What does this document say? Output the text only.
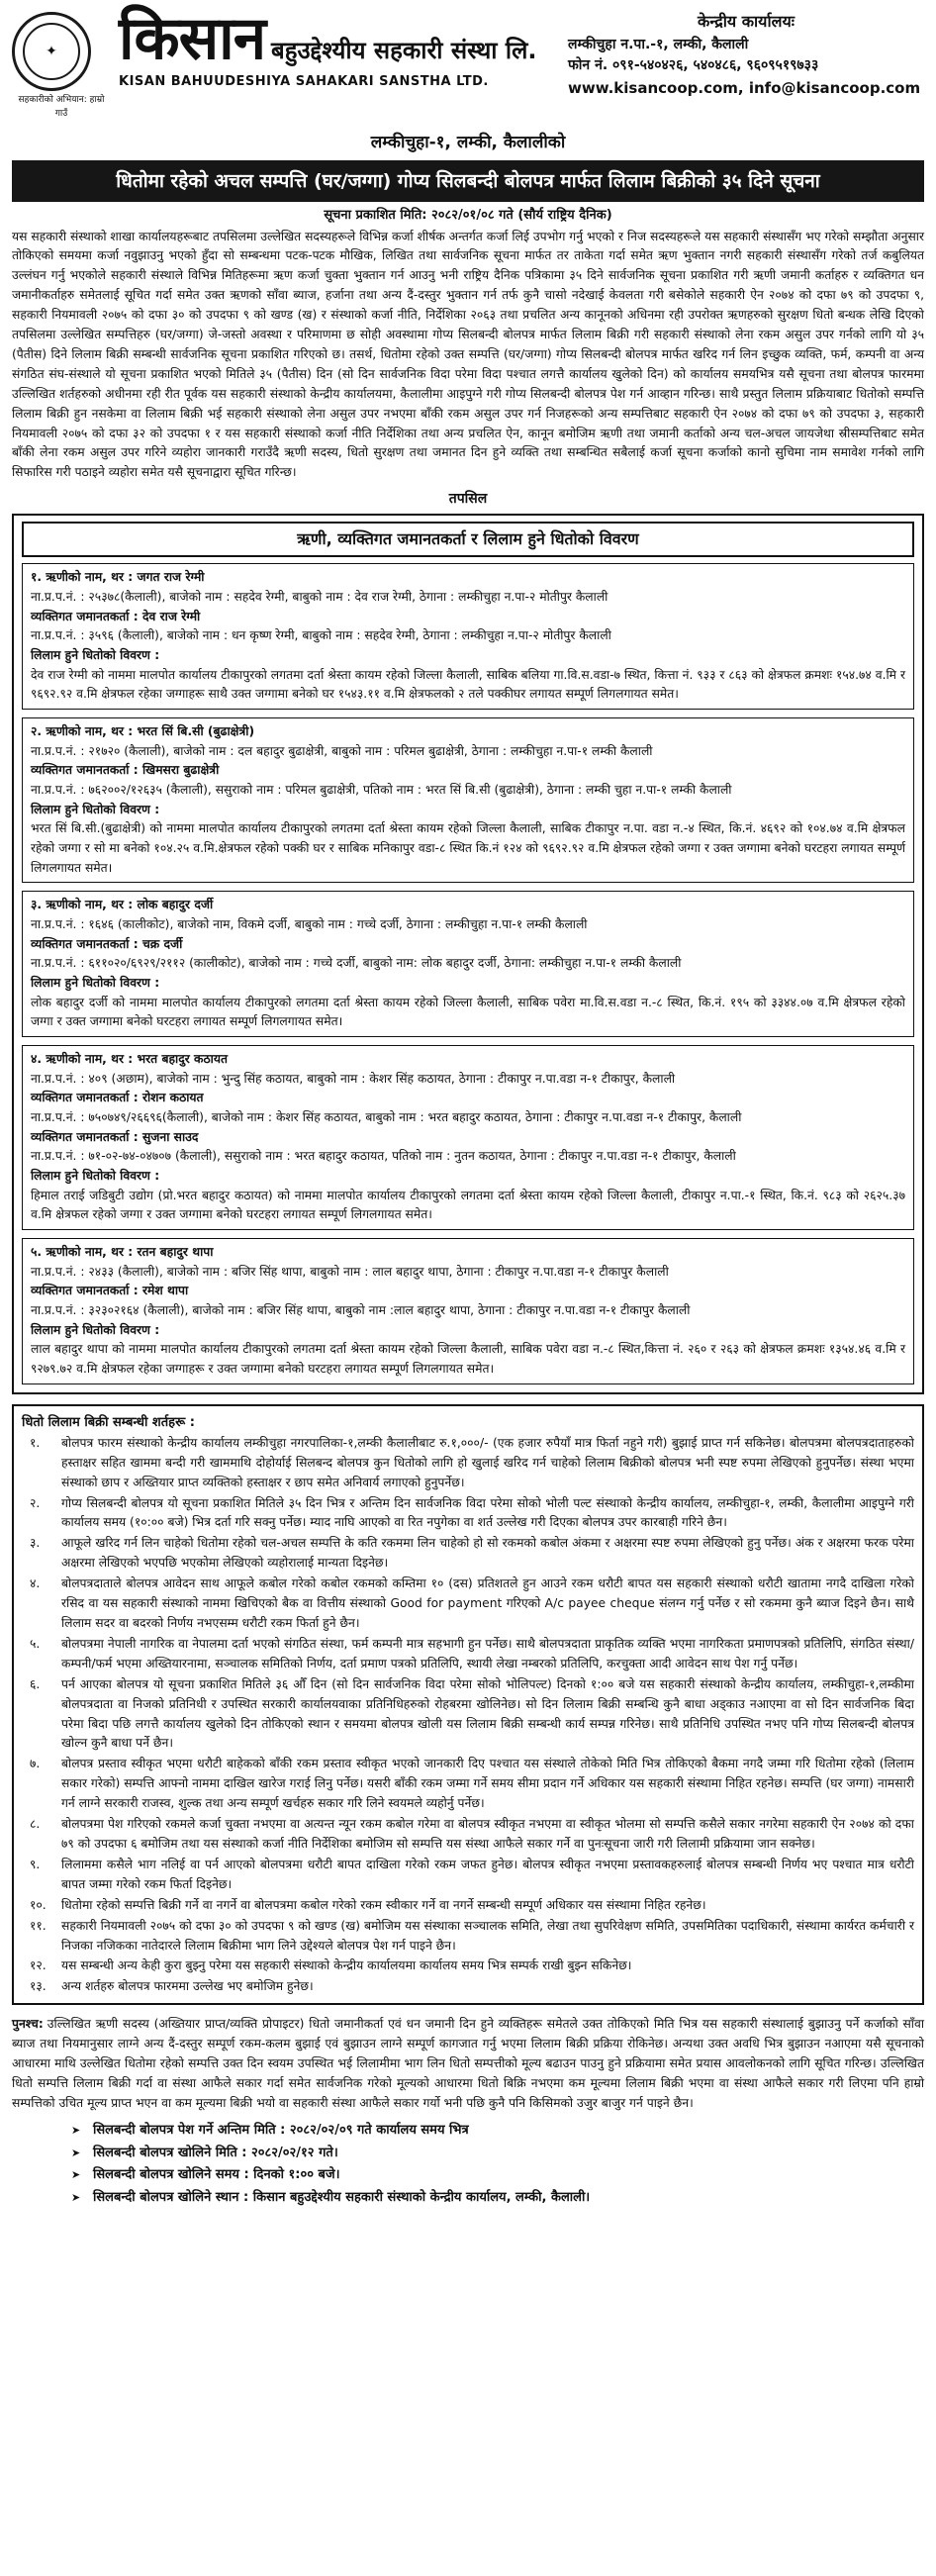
✦
सहकारीको अभियान: हाम्रो गाउँ
किसान बहुउद्देश्यीय सहकारी संस्था लि.
KISAN BAHUUDESHIYA SAHAKARI SANSTHA LTD.
केन्द्रीय कार्यालयः
लम्कीचुहा न.पा.-१, लम्की, कैलाली
फोन नं. ०९१-५४०४२६, ५४०४८६, ९६०९५१९७३३
www.kisancoop.com, info@kisancoop.com
लम्कीचुहा-१, लम्की, कैलालीको
धितोमा रहेको अचल सम्पत्ति (घर/जग्गा) गोप्य सिलबन्दी बोलपत्र मार्फत लिलाम बिक्रीको ३५ दिने सूचना
सूचना प्रकाशित मिति: २०८२/०१/०८ गते (सौर्य राष्ट्रिय दैनिक)
यस सहकारी संस्थाको शाखा कार्यालयहरूबाट तपसिलमा उल्लेखित सदस्यहरूले विभिन्न कर्जा शीर्षक अन्तर्गत कर्जा लिई उपभोग गर्नु भएको र निज सदस्यहरूले यस सहकारी संस्थासँग भए गरेको सम्झौता अनुसार तोकिएको समयमा कर्जा नवुझाउनु भएको हुँदा सो सम्बन्धमा पटक-पटक मौखिक, लिखित तथा सार्वजनिक सूचना मार्फत तर ताकेता गर्दा समेत ऋण भुक्तान नगरी सहकारी संस्थासँग गरेको तर्ज कबुलियत उल्लंघन गर्नु भएकोले सहकारी संस्थाले विभिन्न मितिहरूमा ऋण कर्जा चुक्ता भुक्तान गर्न आउनु भनी राष्ट्रिय दैनिक पत्रिकामा ३५ दिने सार्वजनिक सूचना प्रकाशित गरी ऋणी जमानी कर्ताहरु र व्यक्तिगत धन जमानीकर्ताहरु समेतलाई सूचित गर्दा समेत उक्त ऋणको साँवा ब्याज, हर्जाना तथा अन्य दैं-दस्तुर भुक्तान गर्न तर्फ कुनै चासो नदेखाई केवलता गरी बसेकोले सहकारी ऐन २०७४ को दफा ७९ को उपदफा ९, सहकारी नियमावली २०७५ को दफा ३० को उपदफा ९ को खण्ड (ख) र संस्थाको कर्जा नीति, निर्देशिका २०६३ तथा प्रचलित अन्य कानूनको अधिनमा रही उपरोक्त ऋणहरुको सुरक्षण धितो बन्धक लेखि दिएको तपसिलमा उल्लेखित सम्पत्तिहरु (घर/जग्गा) जे-जस्तो अवस्था र परिमाणमा छ सोही अवस्थामा गोप्य सिलबन्दी बोलपत्र मार्फत लिलाम बिक्री गरी सहकारी संस्थाको लेना रकम असुल उपर गर्नको लागि यो ३५ (पैतीस) दिने लिलाम बिक्री सम्बन्धी सार्वजनिक सूचना प्रकाशित गरिएको छ। तसर्थ, धितोमा रहेको उक्त सम्पत्ति (घर/जग्गा) गोप्य सिलबन्दी बोलपत्र मार्फत खरिद गर्न लिन इच्छुक व्यक्ति, फर्म, कम्पनी वा अन्य संगठित संघ-संस्थाले यो सूचना प्रकाशित भएको मितिले ३५ (पैतीस) दिन (सो दिन सार्वजनिक विदा परेमा विदा पश्चात लगत्तै कार्यालय खुलेको दिन) को कार्यालय समयभित्र यसै सूचना तथा बोलपत्र फारममा उल्लिखित शर्तहरुको अधीनमा रही रीत पूर्वक यस सहकारी संस्थाको केन्द्रीय कार्यालयमा, कैलालीमा आइपुग्ने गरी गोप्य सिलबन्दी बोलपत्र पेश गर्न आव्हान गरिन्छ। साथै प्रस्तुत लिलाम प्रक्रियाबाट धितोको सम्पत्ति लिलाम बिक्री हुन नसकेमा वा लिलाम बिक्री भई सहकारी संस्थाको लेना असुल उपर नभएमा बाँकी रकम असुल उपर गर्न निजहरूको अन्य सम्पत्तिबाट सहकारी ऐन २०७४ को दफा ७९ को उपदफा ३, सहकारी नियमावली २०७५ को दफा ३२ को उपदफा १ र यस सहकारी संस्थाको कर्जा नीति निर्देशिका तथा अन्य प्रचलित ऐन, कानून बमोजिम ऋणी तथा जमानी कर्ताको अन्य चल-अचल जायजेथा स्रीसम्पत्तिबाट समेत बाँकी लेना रकम असुल उपर गरिने व्यहोरा जानकारी गराउँदै ऋणी सदस्य, धितो सुरक्षण तथा जमानत दिन हुने व्यक्ति तथा सम्बन्धित सबैलाई कर्जा सूचना कर्जाको कानो सुचिमा नाम समावेश गर्नको लागि सिफारिस गरी पठाइने व्यहोरा समेत यसै सूचनाद्वारा सूचित गरिन्छ।
तपसिल
ऋणी, व्यक्तिगत जमानतकर्ता र लिलाम हुने धितोको विवरण
१. ऋणीको नाम, थर : जगत राज रेग्मी
ना.प्र.प.नं. : २५३७८(कैलाली), बाजेको नाम : सहदेव रेग्मी, बाबुको नाम : देव राज रेग्मी, ठेगाना : लम्कीचुहा न.पा-२ मोतीपुर कैलाली
व्यक्तिगत जमानतकर्ता : देव राज रेग्मी
ना.प्र.प.नं. : ३५९६ (कैलाली), बाजेको नाम : धन कृष्ण रेग्मी, बाबुको नाम : सहदेव रेग्मी, ठेगाना : लम्कीचुहा न.पा-२ मोतीपुर कैलाली
लिलाम हुने धितोको विवरण :
देव राज रेग्मी को नाममा मालपोत कार्यालय टीकापुरको लगतमा दर्ता श्रेस्ता कायम रहेको जिल्ला कैलाली, साबिक बलिया गा.वि.स.वडा-७ स्थित, कित्ता नं. ९३३ र ८६३ को क्षेत्रफल क्रमशः १५४.७४ व.मि र ९६९२.९२ व.मि क्षेत्रफल रहेका जग्गाहरू साथै उक्त जग्गामा बनेको घर १५४३.११ व.मि क्षेत्रफलको २ तले पक्कीघर लगायत सम्पूर्ण लिगलगायत समेत।
२. ऋणीको नाम, थर : भरत सिं बि.सी (बुढाक्षेत्री)
ना.प्र.प.नं. : २१७२० (कैलाली), बाजेको नाम : दल बहादुर बुढाक्षेत्री, बाबुको नाम : परिमल बुढाक्षेत्री, ठेगाना : लम्कीचुहा न.पा-१ लम्की कैलाली
व्यक्तिगत जमानतकर्ता : खिमसरा बुढाक्षेत्री
ना.प्र.प.नं. : ७६२००२/१२६३५ (कैलाली), ससुराको नाम : परिमल बुढाक्षेत्री, पतिको नाम : भरत सिं बि.सी (बुढाक्षेत्री), ठेगाना : लम्की चुहा न.पा-१ लम्की कैलाली
लिलाम हुने धितोको विवरण :
भरत सिं बि.सी.(बुढाक्षेत्री) को नाममा मालपोत कार्यालय टीकापुरको लगतमा दर्ता श्रेस्ता कायम रहेको जिल्ला कैलाली, साबिक टीकापुर न.पा. वडा न.-४ स्थित, कि.नं. ४६९२ को १०४.७४ व.मि क्षेत्रफल रहेको जग्गा र सो मा बनेको १०४.२५ व.मि.क्षेत्रफल रहेको पक्की घर र साबिक मनिकापुर वडा-८ स्थित कि.नं १२४ को ९६९२.९२ व.मि क्षेत्रफल रहेको जग्गा र उक्त जग्गामा बनेको घरटहरा लगायत सम्पूर्ण लिगलगायत समेत।
३. ऋणीको नाम, थर : लोक बहादुर दर्जी
ना.प्र.प.नं. : १६४६ (कालीकोट), बाजेको नाम, विकमे दर्जी, बाबुको नाम : गच्चे दर्जी, ठेगाना : लम्कीचुहा न.पा-१ लम्की कैलाली
व्यक्तिगत जमानतकर्ता : चक्र दर्जी
ना.प्र.प.नं. : ६११०२०/६९२९/२११२ (कालीकोट), बाजेको नाम : गच्चे दर्जी, बाबुको नाम: लोक बहादुर दर्जी, ठेगाना: लम्कीचुहा न.पा-१ लम्की कैलाली
लिलाम हुने धितोको विवरण :
लोक बहादुर दर्जी को नाममा मालपोत कार्यालय टीकापुरको लगतमा दर्ता श्रेस्ता कायम रहेको जिल्ला कैलाली, साबिक पवेरा मा.वि.स.वडा न.-८ स्थित, कि.नं. १९५ को ३३४४.०७ व.मि क्षेत्रफल रहेको जग्गा र उक्त जग्गामा बनेको घरटहरा लगायत सम्पूर्ण लिगलगायत समेत।
४. ऋणीको नाम, थर : भरत बहादुर कठायत
ना.प्र.प.नं. : ४०९ (अछाम), बाजेको नाम : भुन्दु सिंह कठायत, बाबुको नाम : केशर सिंह कठायत, ठेगाना : टीकापुर न.पा.वडा न-१ टीकापुर, कैलाली
व्यक्तिगत जमानतकर्ता : रोशन कठायत
ना.प्र.प.नं. : ७५०७४९/२६६९६(कैलाली), बाजेको नाम : केशर सिंह कठायत, बाबुको नाम : भरत बहादुर कठायत, ठेगाना : टीकापुर न.पा.वडा न-१ टीकापुर, कैलाली
व्यक्तिगत जमानतकर्ता : सुजना साउद
ना.प्र.प.नं. : ७१-०२-७४-०४७०७ (कैलाली), ससुराको नाम : भरत बहादुर कठायत, पतिको नाम : नुतन कठायत, ठेगाना : टीकापुर न.पा.वडा न-१ टीकापुर, कैलाली
लिलाम हुने धितोको विवरण :
हिमाल तराई जडिबुटी उद्योग (प्रो.भरत बहादुर कठायत) को नाममा मालपोत कार्यालय टीकापुरको लगतमा दर्ता श्रेस्ता कायम रहेको जिल्ला कैलाली, टीकापुर न.पा.-१ स्थित, कि.नं. ९८३ को २६२५.३७ व.मि क्षेत्रफल रहेको जग्गा र उक्त जग्गामा बनेको घरटहरा लगायत सम्पूर्ण लिगलगायत समेत।
५. ऋणीको नाम, थर : रतन बहादुर थापा
ना.प्र.प.नं. : २४३३ (कैलाली), बाजेको नाम : बजिर सिंह थापा, बाबुको नाम : लाल बहादुर थापा, ठेगाना : टीकापुर न.पा.वडा न-१ टीकापुर कैलाली
व्यक्तिगत जमानतकर्ता : रमेश थापा
ना.प्र.प.नं. : ३२३०२१६४ (कैलाली), बाजेको नाम : बजिर सिंह थापा, बाबुको नाम :लाल बहादुर थापा, ठेगाना : टीकापुर न.पा.वडा न-१ टीकापुर कैलाली
लिलाम हुने धितोको विवरण :
लाल बहादुर थापा को नाममा मालपोत कार्यालय टीकापुरको लगतमा दर्ता श्रेस्ता कायम रहेको जिल्ला कैलाली, साबिक पवेरा वडा न.-८ स्थित,कित्ता नं. २६० र २६३ को क्षेत्रफल क्रमशः १३५४.४६ व.मि र ९२७९.७२ व.मि क्षेत्रफल रहेका जग्गाहरू र उक्त जग्गामा बनेको घरटहरा लगायत सम्पूर्ण लिगलगायत समेत।
धितो लिलाम बिक्री सम्बन्धी शर्तहरू :
१.	बोलपत्र फारम संस्थाको केन्द्रीय कार्यालय लम्कीचुहा नगरपालिका-१,लम्की कैलालीबाट रु.१,०००/- (एक हजार रुपैयाँ मात्र फिर्ता नहुने गरी) बुझाई प्राप्त गर्न सकिनेछ। बोलपत्रमा बोलपत्रदाताहरुको हस्ताक्षर सहित खाममा बन्दी गरी खाममाथि दोहोर्याई सिलबन्द बोलपत्र कुन धितोको लागि हो खुलाई खरिद गर्न चाहेको लिलाम बिक्रीको बोलपत्र भनी स्पष्ट रुपमा लेखिएको हुनुपर्नेछ। संस्था भएमा संस्थाको छाप र अख्तियार प्राप्त व्यक्तिको हस्ताक्षर र छाप समेत अनिवार्य लगाएको हुनुपर्नेछ।
२.	गोप्य सिलबन्दी बोलपत्र यो सूचना प्रकाशित मितिले ३५ दिन भित्र र अन्तिम दिन सार्वजनिक विदा परेमा सोको भोली पल्ट संस्थाको केन्द्रीय कार्यालय, लम्कीचुहा-१, लम्की, कैलालीमा आइपुग्ने गरी कार्यालय समय (१०:०० बजे) भित्र दर्ता गरि सक्नु पर्नेछ। म्याद नाघि आएको वा रित नपुगेका वा शर्त उल्लेख गरी दिएका बोलपत्र उपर कारबाही गरिने छैन।
३.	आफूले खरिद गर्न लिन चाहेको धितोमा रहेको चल-अचल सम्पत्ति के कति रकममा लिन चाहेको हो सो रकमको कबोल अंकमा र अक्षरमा स्पष्ट रुपमा लेखिएको हुनु पर्नेछ। अंक र अक्षरमा फरक परेमा अक्षरमा लेखिएको भएपछि भएकोमा लेखिएको व्यहोरालाई मान्यता दिइनेछ।
४.	बोलपत्रदाताले बोलपत्र आवेदन साथ आफूले कबोल गरेको कबोल रकमको कम्तिमा १० (दस) प्रतिशतले हुन आउने रकम धरौटी बापत यस सहकारी संस्थाको धरौटी खातामा नगदै दाखिला गरेको रसिद वा यस सहकारी संस्थाको नाममा खिचिएको बैक वा वित्तीय संस्थाको Good for payment गरिएको A/c payee cheque संलग्न गर्नु पर्नेछ र सो रकममा कुनै ब्याज दिइने छैन। साथै लिलाम सदर वा बदरको निर्णय नभएसम्म धरौटी रकम फिर्ता हुने छैन।
५.	बोलपत्रमा नेपाली नागरिक वा नेपालमा दर्ता भएको संगठित संस्था, फर्म कम्पनी मात्र सहभागी हुन पर्नेछ। साथै बोलपत्रदाता प्राकृतिक व्यक्ति भएमा नागरिकता प्रमाणपत्रको प्रतिलिपि, संगठित संस्था/कम्पनी/फर्म भएमा अख्तियारनामा, सञ्चालक समितिको निर्णय, दर्ता प्रमाण पत्रको प्रतिलिपि, स्थायी लेखा नम्बरको प्रतिलिपि, करचुक्ता आदी आवेदन साथ पेश गर्नु पर्नेछ।
६.	पर्न आएका बोलपत्र यो सूचना प्रकाशित मितिले ३६ औँ दिन (सो दिन सार्वजनिक विदा परेमा सोको भोलिपल्ट) दिनको १:०० बजे यस सहकारी संस्थाको केन्द्रीय कार्यालय, लम्कीचुहा-१,लम्कीमा बोलपत्रदाता वा निजको प्रतिनिधी र उपस्थित सरकारी कार्यालयवाका प्रतिनिधिहरुको रोहबरमा खोलिनेछ। सो दिन लिलाम बिक्री सम्बन्धि कुनै बाधा अड्काउ नआएमा वा सो दिन सार्वजनिक बिदा परेमा बिदा पछि लगत्तै कार्यालय खुलेको दिन तोकिएको स्थान र समयमा बोलपत्र खोली यस लिलाम बिक्री सम्बन्धी कार्य सम्पन्न गरिनेछ। साथै प्रतिनिधि उपस्थित नभए पनि गोप्य सिलबन्दी बोलपत्र खोल्न कुनै बाधा पर्ने छैन।
७.	बोलपत्र प्रस्ताव स्वीकृत भएमा धरौटी बाहेकको बाँकी रकम प्रस्ताव स्वीकृत भएको जानकारी दिए पश्चात यस संस्थाले तोकेको मिति भित्र तोकिएको बैकमा नगदै जम्मा गरि धितोमा रहेको (लिलाम सकार गरेको) सम्पत्ति आफ्नो नाममा दाखिल खारेज गराई लिनु पर्नेछ। यसरी बाँकी रकम जम्मा गर्ने समय सीमा प्रदान गर्ने अधिकार यस सहकारी संस्थामा निहित रहनेछ। सम्पत्ति (घर जग्गा) नामसारी गर्न लाग्ने सरकारी राजस्व, शुल्क तथा अन्य सम्पूर्ण खर्चहरु सकार गरि लिने स्वयमले व्यहोर्नु पर्नेछ।
८.	बोलपत्रमा पेश गरिएको रकमले कर्जा चुक्ता नभएमा वा अत्यन्त न्यून रकम कबोल गरेमा वा बोलपत्र स्वीकृत नभएमा वा स्वीकृत भोलमा सो सम्पत्ति कसैले सकार नगरेमा सहकारी ऐन २०७४ को दफा ७९ को उपदफा ६ बमोजिम तथा यस संस्थाको कर्जा नीति निर्देशिका बमोजिम सो सम्पत्ति यस संस्था आफैले सकार गर्ने वा पुनःसूचना जारी गरी लिलामी प्रक्रियामा जान सक्नेछ।
९.	लिलाममा कसैले भाग नलिई वा पर्न आएको बोलपत्रमा धरौटी बापत दाखिला गरेको रकम जफत हुनेछ। बोलपत्र स्वीकृत नभएमा प्रस्तावकहरुलाई बोलपत्र सम्बन्धी निर्णय भए पश्चात मात्र धरौटी बापत जम्मा गरेको रकम फिर्ता दिइनेछ।
१०.	धितोमा रहेको सम्पत्ति बिक्री गर्ने वा नगर्ने वा बोलपत्रमा कबोल गरेको रकम स्वीकार गर्ने वा नगर्ने सम्बन्धी सम्पूर्ण अधिकार यस संस्थामा निहित रहनेछ।
११.	सहकारी नियमावली २०७५ को दफा ३० को उपदफा ९ को खण्ड (ख) बमोजिम यस संस्थाका सञ्चालक समिति, लेखा तथा सुपरिवेक्षण समिति, उपसमितिका पदाधिकारी, संस्थामा कार्यरत कर्मचारी र निजका नजिकका नातेदारले लिलाम बिक्रीमा भाग लिने उद्देश्यले बोलपत्र पेश गर्न पाइने छैन।
१२.	यस सम्बन्धी अन्य केही कुरा बुझ्नु परेमा यस सहकारी संस्थाको केन्द्रीय कार्यालयमा कार्यालय समय भित्र सम्पर्क राखी बुझ्न सकिनेछ।
१३.	अन्य शर्तहरु बोलपत्र फारममा उल्लेख भए बमोजिम हुनेछ।
पुनश्च: उल्लिखित ऋणी सदस्य (अख्तियार प्राप्त/व्यक्ति प्रोपाइटर) धितो जमानीकर्ता एवं धन जमानी दिन हुने व्यक्तिहरू समेतले उक्त तोकिएको मिति भित्र यस सहकारी संस्थालाई बुझाउनु पर्ने कर्जाको साँवा ब्याज तथा नियमानुसार लाग्ने अन्य दैं-दस्तुर सम्पूर्ण रकम-कलम बुझाई एवं बुझाउन लाग्ने सम्पूर्ण कागजात गर्नु भएमा लिलाम बिक्री प्रक्रिया रोकिनेछ। अन्यथा उक्त अवधि भित्र बुझाउन नआएमा यसै सूचनाको आधारमा माथि उल्लेखित धितोमा रहेको सम्पत्ति उक्त दिन स्वयम उपस्थित भई लिलामीमा भाग लिन धितो सम्पत्तीको मूल्य बढाउन पाउनु हुने प्रक्रियामा समेत प्रयास आवलोकनको लागि सूचित गरिन्छ। उल्लिखित धितो सम्पत्ति लिलाम बिक्री गर्दा वा संस्था आफैले सकार गर्दा समेत सार्वजनिक गरेको मूल्यको आधारमा धितो बिक्रि नभएमा कम मूल्यमा लिलाम बिक्री भएमा वा संस्था आफैले सकार गरी लिएमा पनि हाम्रो सम्पत्तिको उचित मूल्य प्राप्त भएन वा कम मूल्यमा बिक्री भयो वा सहकारी संस्था आफैले सकार गर्यो भनी पछि कुनै पनि किसिमको उजुर बाजुर गर्न पाइने छैन।
➤ सिलबन्दी बोलपत्र पेश गर्ने अन्तिम मिति : २०८२/०२/०९ गते कार्यालय समय भित्र
➤ सिलबन्दी बोलपत्र खोलिने मिति : २०८२/०२/१२ गते।
➤ सिलबन्दी बोलपत्र खोलिने समय : दिनको १:०० बजे।
➤ सिलबन्दी बोलपत्र खोलिने स्थान : किसान बहुउद्देश्यीय सहकारी संस्थाको केन्द्रीय कार्यालय, लम्की, कैलाली।
